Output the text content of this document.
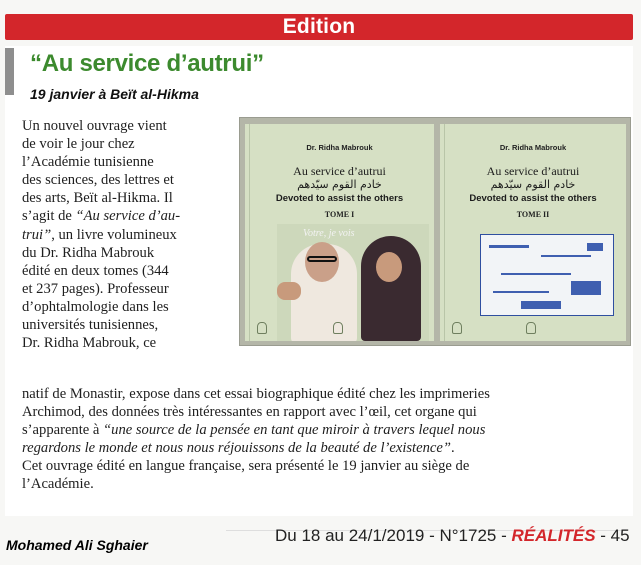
Edition
“Au service d’autrui”
19 janvier à Beït al-Hikma
Un nouvel ouvrage vient
de voir le jour chez
l’Académie tunisienne
des sciences, des lettres et
des arts, Beït al-Hikma. Il
s’agit de “Au service d’au-
trui”, un livre volumineux
du Dr. Ridha Mabrouk
édité en deux tomes (344
et 237 pages). Professeur
d’ophtalmologie dans les
universités tunisiennes,
Dr. Ridha Mabrouk, ce
Dr. Ridha Mabrouk
Au service d’autrui
خادم القوم سيّدهم
Devoted to assist the others
TOME I
Votre, je vois
Dr. Ridha Mabrouk
Au service d’autrui
خادم القوم سيّدهم
Devoted to assist the others
TOME II
natif de Monastir, expose dans cet essai biographique édité chez les imprimeries
Archimod, des données très intéressantes en rapport avec l’œil, cet organe qui
s’apparente à “une source de la pensée en tant que miroir à travers lequel nous
regardons le monde et nous nous réjouissons de la beauté de l’existence”.
Cet ouvrage édité en langue française, sera présenté le 19 janvier au siège de
l’Académie.
Du 18 au 24/1/2019 - N°1725 - RÉALITÉS - 45
Mohamed Ali Sghaier
